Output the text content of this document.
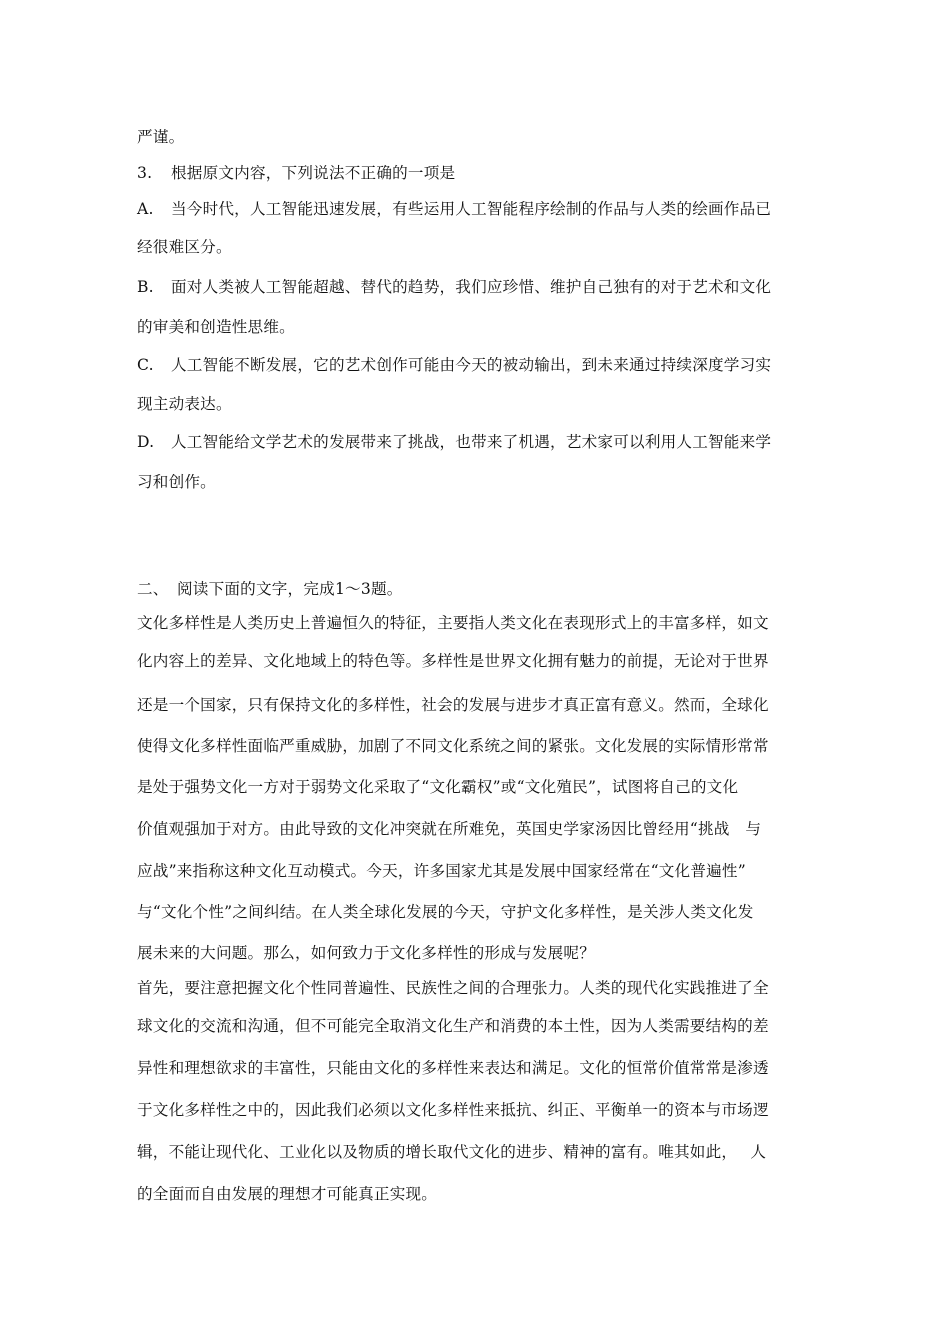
严谨。
3. 根据原文内容，下列说法不正确的一项是
A. 当今时代，人工智能迅速发展，有些运用人工智能程序绘制的作品与人类的绘画作品已
经很难区分。
B. 面对人类被人工智能超越、替代的趋势，我们应珍惜、维护自己独有的对于艺术和文化
的审美和创造性思维。
C. 人工智能不断发展，它的艺术创作可能由今天的被动输出，到未来通过持续深度学习实
现主动表达。
D. 人工智能给文学艺术的发展带来了挑战，也带来了机遇，艺术家可以利用人工智能来学
习和创作。
二、 阅读下面的文字，完成1～3题。
文化多样性是人类历史上普遍恒久的特征，主要指人类文化在表现形式上的丰富多样，如文
化内容上的差异、文化地域上的特色等。多样性是世界文化拥有魅力的前提，无论对于世界
还是一个国家，只有保持文化的多样性，社会的发展与进步才真正富有意义。然而，全球化
使得文化多样性面临严重威胁，加剧了不同文化系统之间的紧张。文化发展的实际情形常常
是处于强势文化一方对于弱势文化采取了“文化霸权”或“文化殖民”，试图将自己的文化
价值观强加于对方。由此导致的文化冲突就在所难免，英国史学家汤因比曾经用“挑战　与
应战”来指称这种文化互动模式。今天，许多国家尤其是发展中国家经常在“文化普遍性”
与“文化个性”之间纠结。在人类全球化发展的今天，守护文化多样性，是关涉人类文化发
展未来的大问题。那么，如何致力于文化多样性的形成与发展呢？
首先，要注意把握文化个性同普遍性、民族性之间的合理张力。人类的现代化实践推进了全
球文化的交流和沟通，但不可能完全取消文化生产和消费的本土性，因为人类需要结构的差
异性和理想欲求的丰富性，只能由文化的多样性来表达和满足。文化的恒常价值常常是渗透
于文化多样性之中的，因此我们必须以文化多样性来抵抗、纠正、平衡单一的资本与市场逻
辑，不能让现代化、工业化以及物质的增长取代文化的进步、精神的富有。唯其如此，　 人
的全面而自由发展的理想才可能真正实现。
